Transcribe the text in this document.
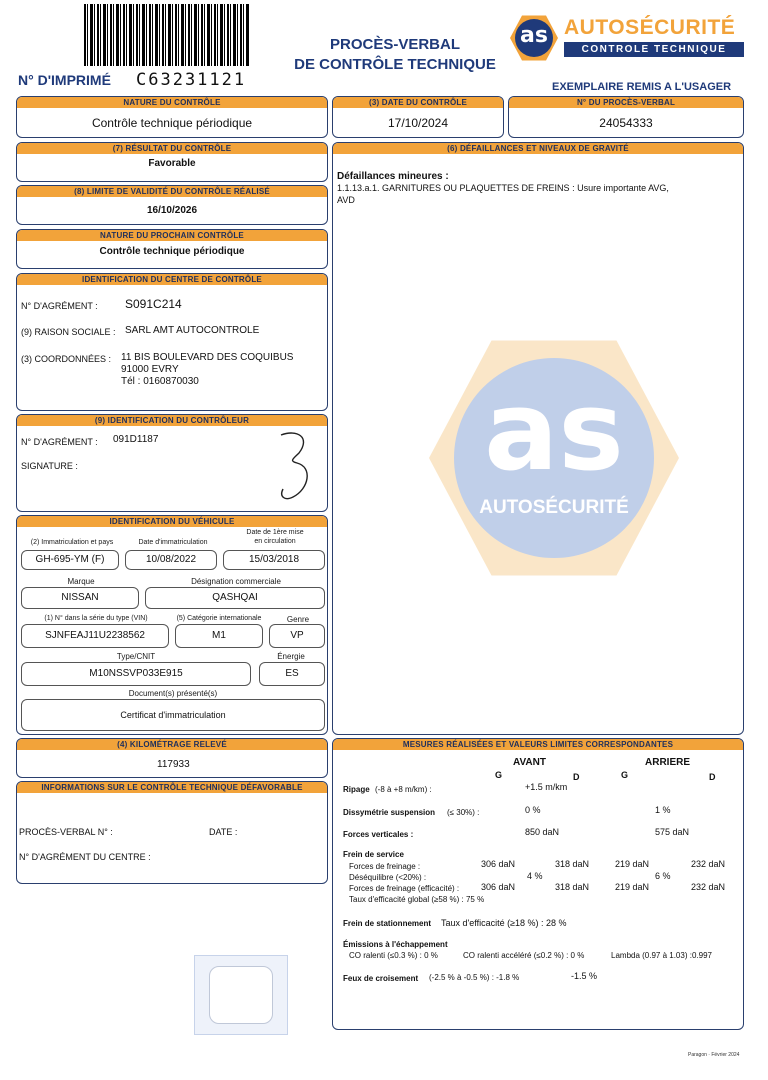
N° D'IMPRIMÉ C63231121
PROCÈS-VERBAL
DE CONTRÔLE TECHNIQUE
as AUTOSÉCURITÉ
CONTROLE TECHNIQUE
EXEMPLAIRE REMIS A L'USAGER
NATURE DU CONTRÔLE
Contrôle technique périodique
(3) DATE DU CONTRÔLE
17/10/2024
N° DU PROCÈS-VERBAL
24054333
(7) RÉSULTAT DU CONTRÔLE
Favorable
(8) LIMITE DE VALIDITÉ DU CONTRÔLE RÉALISÉ
16/10/2026
NATURE DU PROCHAIN CONTRÔLE
Contrôle technique périodique
IDENTIFICATION DU CENTRE DE CONTRÔLE
N° D'AGRÉMENT : S091C214
(9) RAISON SOCIALE : SARL AMT AUTOCONTROLE
(3) COORDONNÉES : 11 BIS BOULEVARD DES COQUIBUS
91000 EVRY
Tél : 0160870030
(9) IDENTIFICATION DU CONTRÔLEUR
N° D'AGRÉMENT : 091D1187
SIGNATURE :
IDENTIFICATION DU VÉHICULE
(2) Immatriculation et pays
GH-695-YM (F)
Date d'immatriculation
10/08/2022
Date de 1ère mise
en circulation
15/03/2018
Marque
NISSAN
Désignation commerciale
QASHQAI
(1) N° dans la série du type (VIN)
SJNFEAJ11U2238562
(5) Catégorie internationale
M1
Genre
VP
Type/CNIT
M10NSSVP033E915
Énergie
ES
Document(s) présenté(s)
Certificat d'immatriculation
(6) DÉFAILLANCES ET NIVEAUX DE GRAVITÉ
Défaillances mineures :
1.1.13.a.1. GARNITURES OU PLAQUETTES DE FREINS : Usure importante AVG,
AVD
as
AUTOSÉCURITÉ
(4) KILOMÉTRAGE RELEVÉ
117933
INFORMATIONS SUR LE CONTRÔLE TECHNIQUE DÉFAVORABLE
PROCÈS-VERBAL N° :	DATE :
N° D'AGRÉMENT DU CENTRE :
MESURES RÉALISÉES ET VALEURS LIMITES CORRESPONDANTES
AVANT	ARRIERE
G	D	G	D
Ripage (-8 à +8 m/km) :	+1.5 m/km
Dissymétrie suspension (≤ 30%) :	0 %	1 %
Forces verticales :	850 daN	575 daN
Frein de service
Forces de freinage :	306 daN	318 daN	219 daN	232 daN
Déséquilibre (<20%) :	4 %	6 %
Forces de freinage (efficacité) : 306 daN	318 daN	219 daN	232 daN
Taux d'efficacité global (≥58 %) : 75 %
Frein de stationnement Taux d'efficacité (≥18 %) : 28 %
Émissions à l'échappement
CO ralenti (≤0.3 %) : 0 %	CO ralenti accéléré (≤0.2 %) : 0 %	Lambda (0.97 à 1.03) :0.997
Feux de croisement (-2.5 % à -0.5 %) : -1.8 %	-1.5 %
Paragon · Février 2024
